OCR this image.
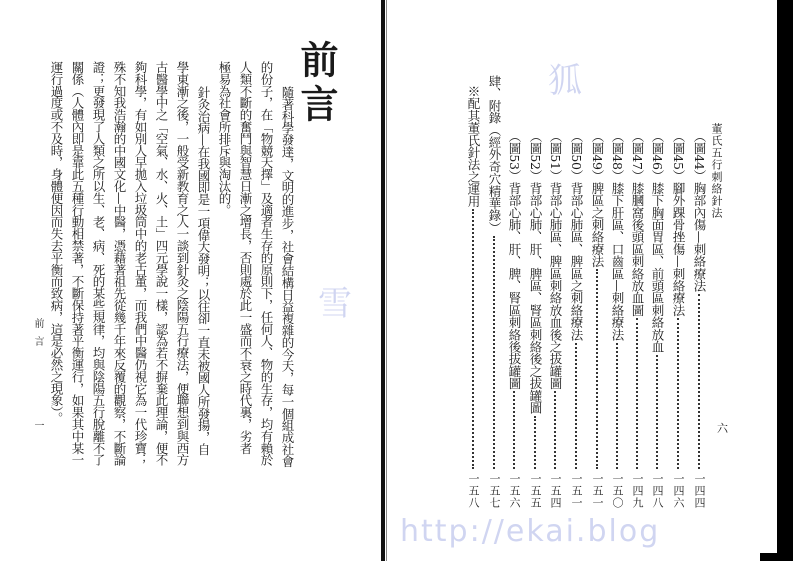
前言
隨著科學發達，文明的進步，社會結構日益複雜的今天，每一個組成社會
的份子，在「物競天擇」及適者生存的原則下，任何人、物的生存，均有賴於
人類不斷的奮鬥與智慧日漸之增長，否則處於此一盛而不衰之時代裏，劣者
極易為社會所排斥與淘汰的。
針灸治病—在我國即是一項偉大發明；以往卻一直未被國人所發揚，自
學東漸之後，一般受新教育之人一談到針灸之陰陽五行療法，便聯想到與西方
古醫學中之「空氣、水、火、土」四元學說一樣，認為若不摒棄此理論，便不
夠科學，有如別人早拋入垃圾筒中的老古董，而我們中醫仍視它為一代珍寶；
殊不知我浩瀚的中國文化—中醫，憑藉著祖先從幾千年來反覆的觀察，不斷論
證；更發現了人類之所以生、老、病、死的某些規律，均與陰陽五行脫離不了
關係（人體內即是靠此五種行動相禁著，不斷保持著平衡運行，如果其中某一
運行過度或不及時，身體便因而失去平衡而致病，這是必然之現象）。
前言
一
董氏五行刺絡針法
六
（圖44）胸部內傷—刺絡療法
一四四
（圖45）腳外踝骨挫傷—刺絡療法
一四六
（圖46）膝下胸面胃區、前頭區刺絡放血
一四八
（圖47）膝膕窩後頭區刺絡放血圖
一四九
（圖48）膝下肝區、口齒區—刺絡療法
一五〇
（圖49）脾區之刺絡療法
一五一
（圖50）背部心肺區、脾區之刺絡療法
一五一
（圖51）背部心肺區、脾區刺絡放血後之拔罐圖
一五四
（圖52）背部心肺、肝、脾區、腎區刺絡後之拔罐圖
一五五
（圖53）背部心肺、肝、脾、腎區刺絡後拔罐圖
一五六
肆、附錄（經外奇穴精華錄）
一五七
※配其董氏針法之運用
一五八
http://ekai.blog
雪
狐
